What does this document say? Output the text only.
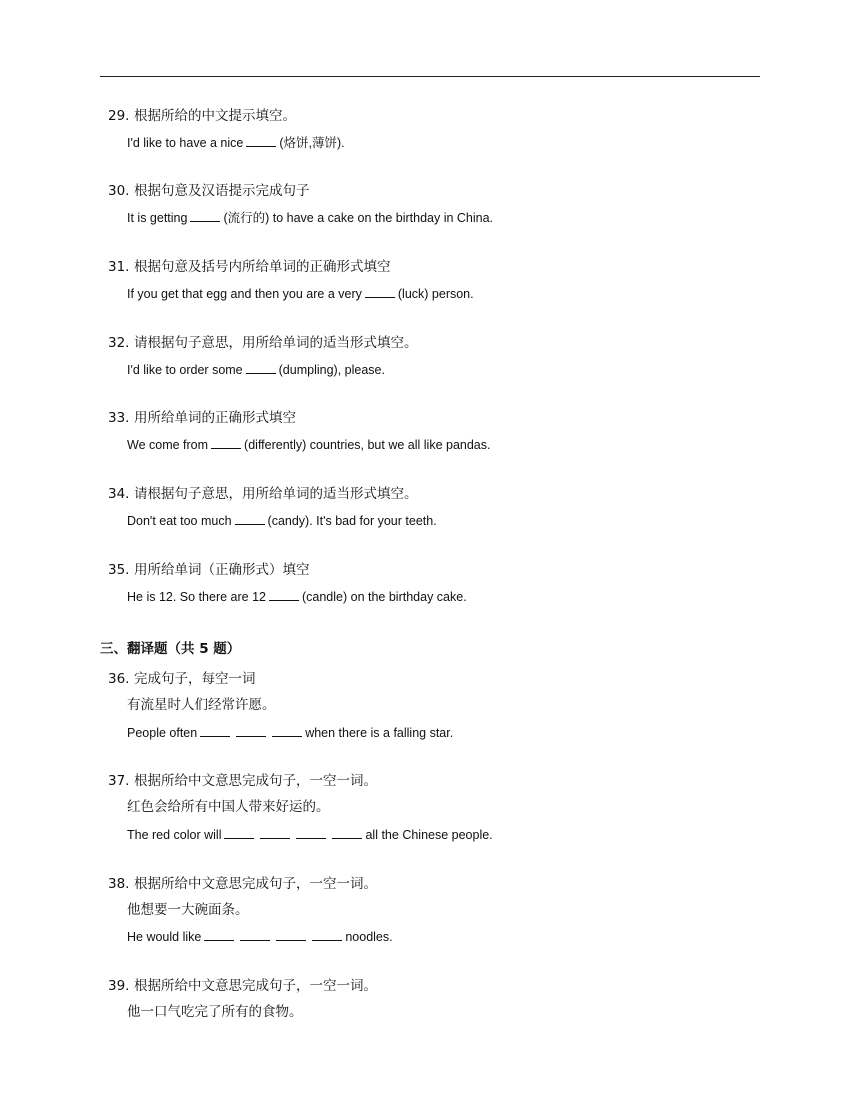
29. 根据所给的中文提示填空。
I'd like to have a nice	(烙饼,薄饼).
30. 根据句意及汉语提示完成句子
It is getting	(流行的) to have a cake on the birthday in China.
31. 根据句意及括号内所给单词的正确形式填空
If you get that egg and then you are a very	(luck) person.
32. 请根据句子意思，用所给单词的适当形式填空。
I'd like to order some	(dumpling), please.
33. 用所给单词的正确形式填空
We come from	(differently) countries, but we all like pandas.
34. 请根据句子意思，用所给单词的适当形式填空。
Don't eat too much	(candy). It's bad for your teeth.
35. 用所给单词（正确形式）填空
He is 12. So there are 12	(candle) on the birthday cake.
三、翻译题（共 5 题）
36. 完成句子，每空一词
有流星时人们经常许愿。
People often	when there is a falling star.
37. 根据所给中文意思完成句子，一空一词。
红色会给所有中国人带来好运的。
The red color will	all the Chinese people.
38. 根据所给中文意思完成句子，一空一词。
他想要一大碗面条。
He would like	noodles.
39. 根据所给中文意思完成句子，一空一词。
他一口气吃完了所有的食物。
